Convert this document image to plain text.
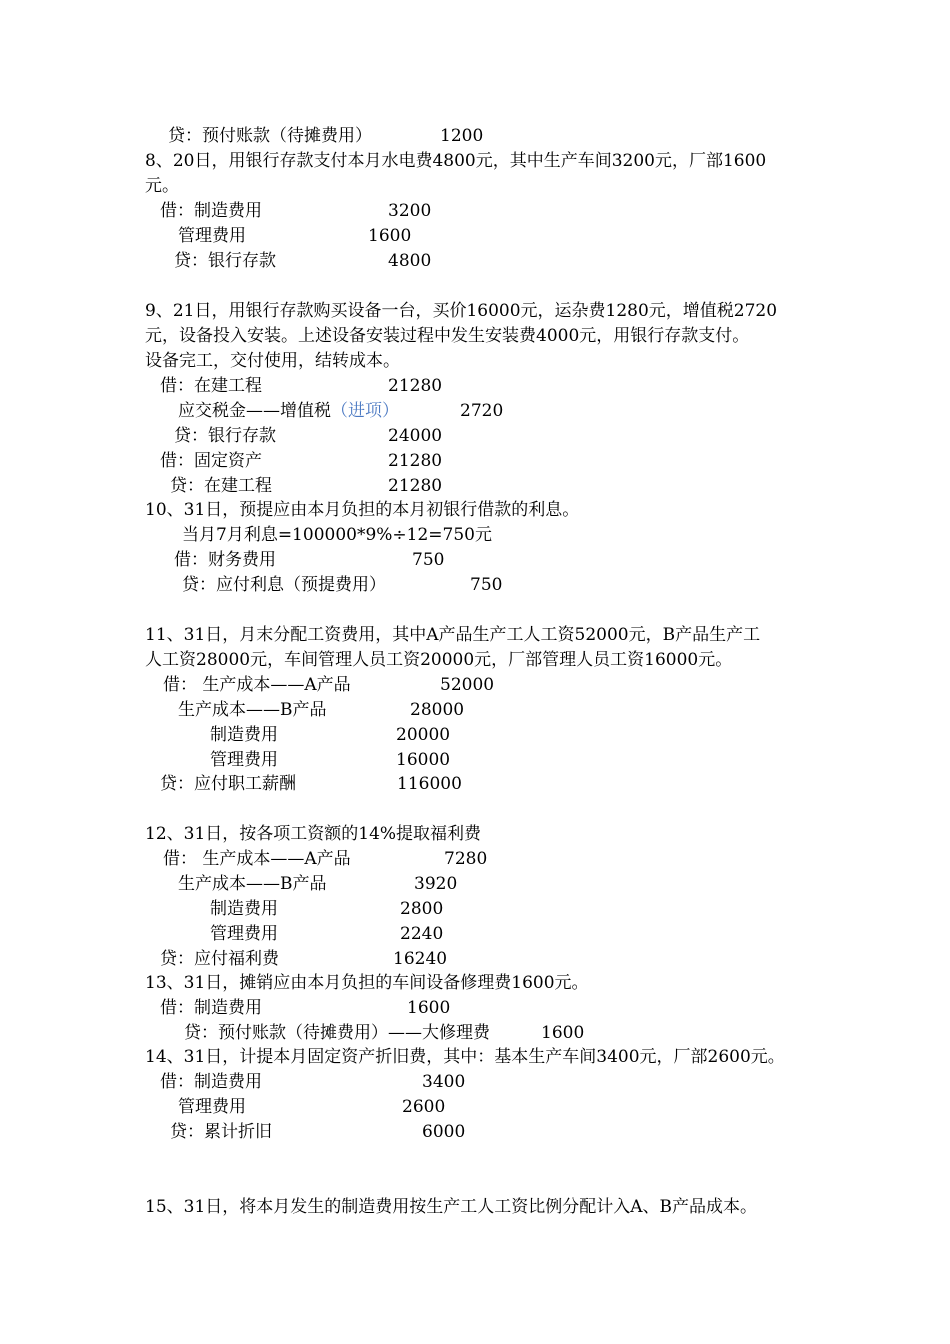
贷：预付账款（待摊费用）	1200
8、20日，用银行存款支付本月水电费4800元，其中生产车间3200元，厂部1600
元。
借：制造费用	3200
管理费用	1600
贷：银行存款	4800
9、21日，用银行存款购买设备一台，买价16000元，运杂费1280元，增值税2720
元，设备投入安装。上述设备安装过程中发生安装费4000元，用银行存款支付。
设备完工，交付使用，结转成本。
借：在建工程	21280
应交税金——增值税（进项）	2720
贷：银行存款	24000
借：固定资产	21280
贷：在建工程	21280
10、31日，预提应由本月负担的本月初银行借款的利息。
当月7月利息=100000*9%÷12=750元
借：财务费用	750
贷：应付利息（预提费用）	750
11、31日，月末分配工资费用，其中A产品生产工人工资52000元，B产品生产工
人工资28000元，车间管理人员工资20000元，厂部管理人员工资16000元。
借： 生产成本——A产品	52000
生产成本——B产品	28000
制造费用	20000
管理费用	16000
贷：应付职工薪酬	116000
12、31日，按各项工资额的14%提取福利费
借： 生产成本——A产品	7280
生产成本——B产品	3920
制造费用	2800
管理费用	2240
贷：应付福利费	16240
13、31日，摊销应由本月负担的车间设备修理费1600元。
借：制造费用	1600
贷：预付账款（待摊费用）——大修理费	1600
14、31日，计提本月固定资产折旧费，其中：基本生产车间3400元，厂部2600元。
借：制造费用	3400
管理费用	2600
贷：累计折旧	6000
15、31日，将本月发生的制造费用按生产工人工资比例分配计入A、B产品成本。
